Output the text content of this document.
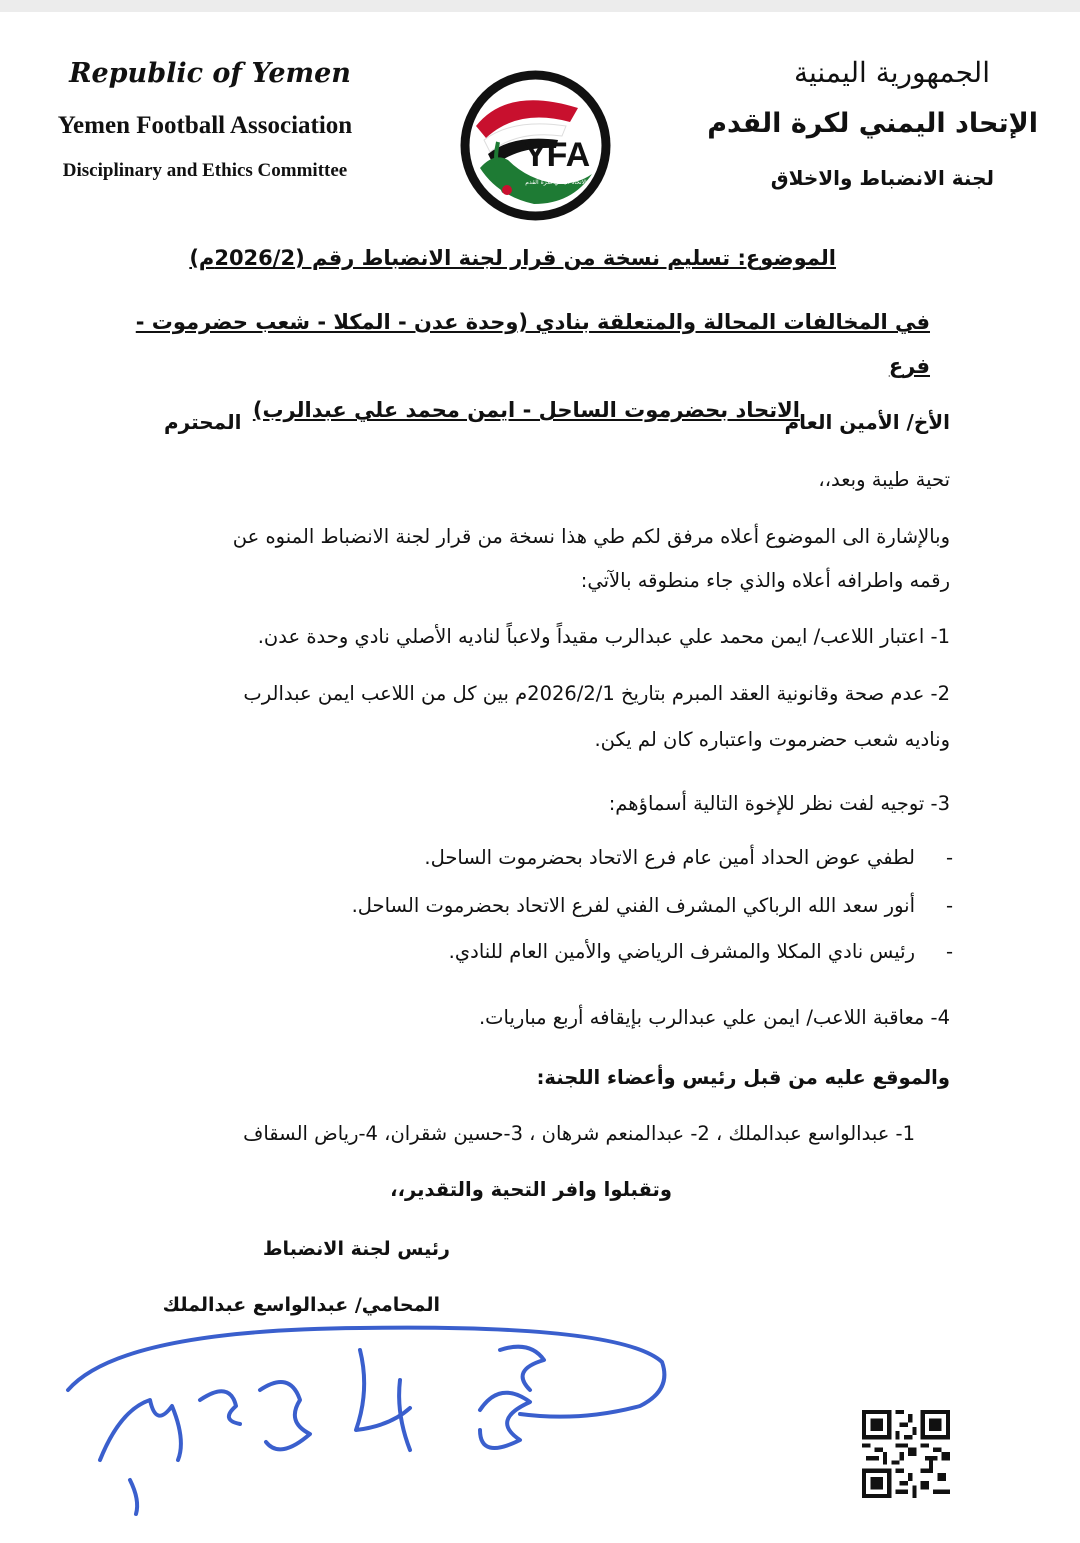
Republic of Yemen
Yemen Football Association
Disciplinary and Ethics Committee
الجمهورية اليمنية
الإتحاد اليمني لكرة القدم
لجنة الانضباط والاخلاق
YFA
الاتحاد اليمني لكرة القدم
الموضوع: تسليم نسخة من قرار لجنة الانضباط رقم (2026/2م)
في المخالفات المحالة والمتعلقة بنادي (وحدة عدن - المكلا - شعب حضرموت - فرع
الاتحاد بحضرموت الساحل - ايمن محمد علي عبدالرب)
الأخ/ الأمين العام
المحترم
تحية طيبة وبعد،،
وبالإشارة الى الموضوع أعلاه مرفق لكم طي هذا نسخة من قرار لجنة الانضباط المنوه عن
رقمه واطرافه أعلاه والذي جاء منطوقه بالآتي:
1- اعتبار اللاعب/ ايمن محمد علي عبدالرب مقيداً ولاعباً لناديه الأصلي نادي وحدة عدن.
2- عدم صحة وقانونية العقد المبرم بتاريخ 2026/2/1م بين كل من اللاعب ايمن عبدالرب
وناديه شعب حضرموت واعتباره كان لم يكن.
3- توجيه لفت نظر للإخوة التالية أسماؤهم:
-
لطفي عوض الحداد أمين عام فرع الاتحاد بحضرموت الساحل.
-
أنور سعد الله الرباكي المشرف الفني لفرع الاتحاد بحضرموت الساحل.
-
رئيس نادي المكلا والمشرف الرياضي والأمين العام للنادي.
4- معاقبة اللاعب/ ايمن علي عبدالرب بإيقافه أربع مباريات.
والموقع عليه من قبل رئيس وأعضاء اللجنة:
1- عبدالواسع عبدالملك ، 2- عبدالمنعم شرهان ، 3-حسين شقران، 4-رياض السقاف
وتقبلوا وافر التحية والتقدير،،
رئيس لجنة الانضباط
المحامي/ عبدالواسع عبدالملك
